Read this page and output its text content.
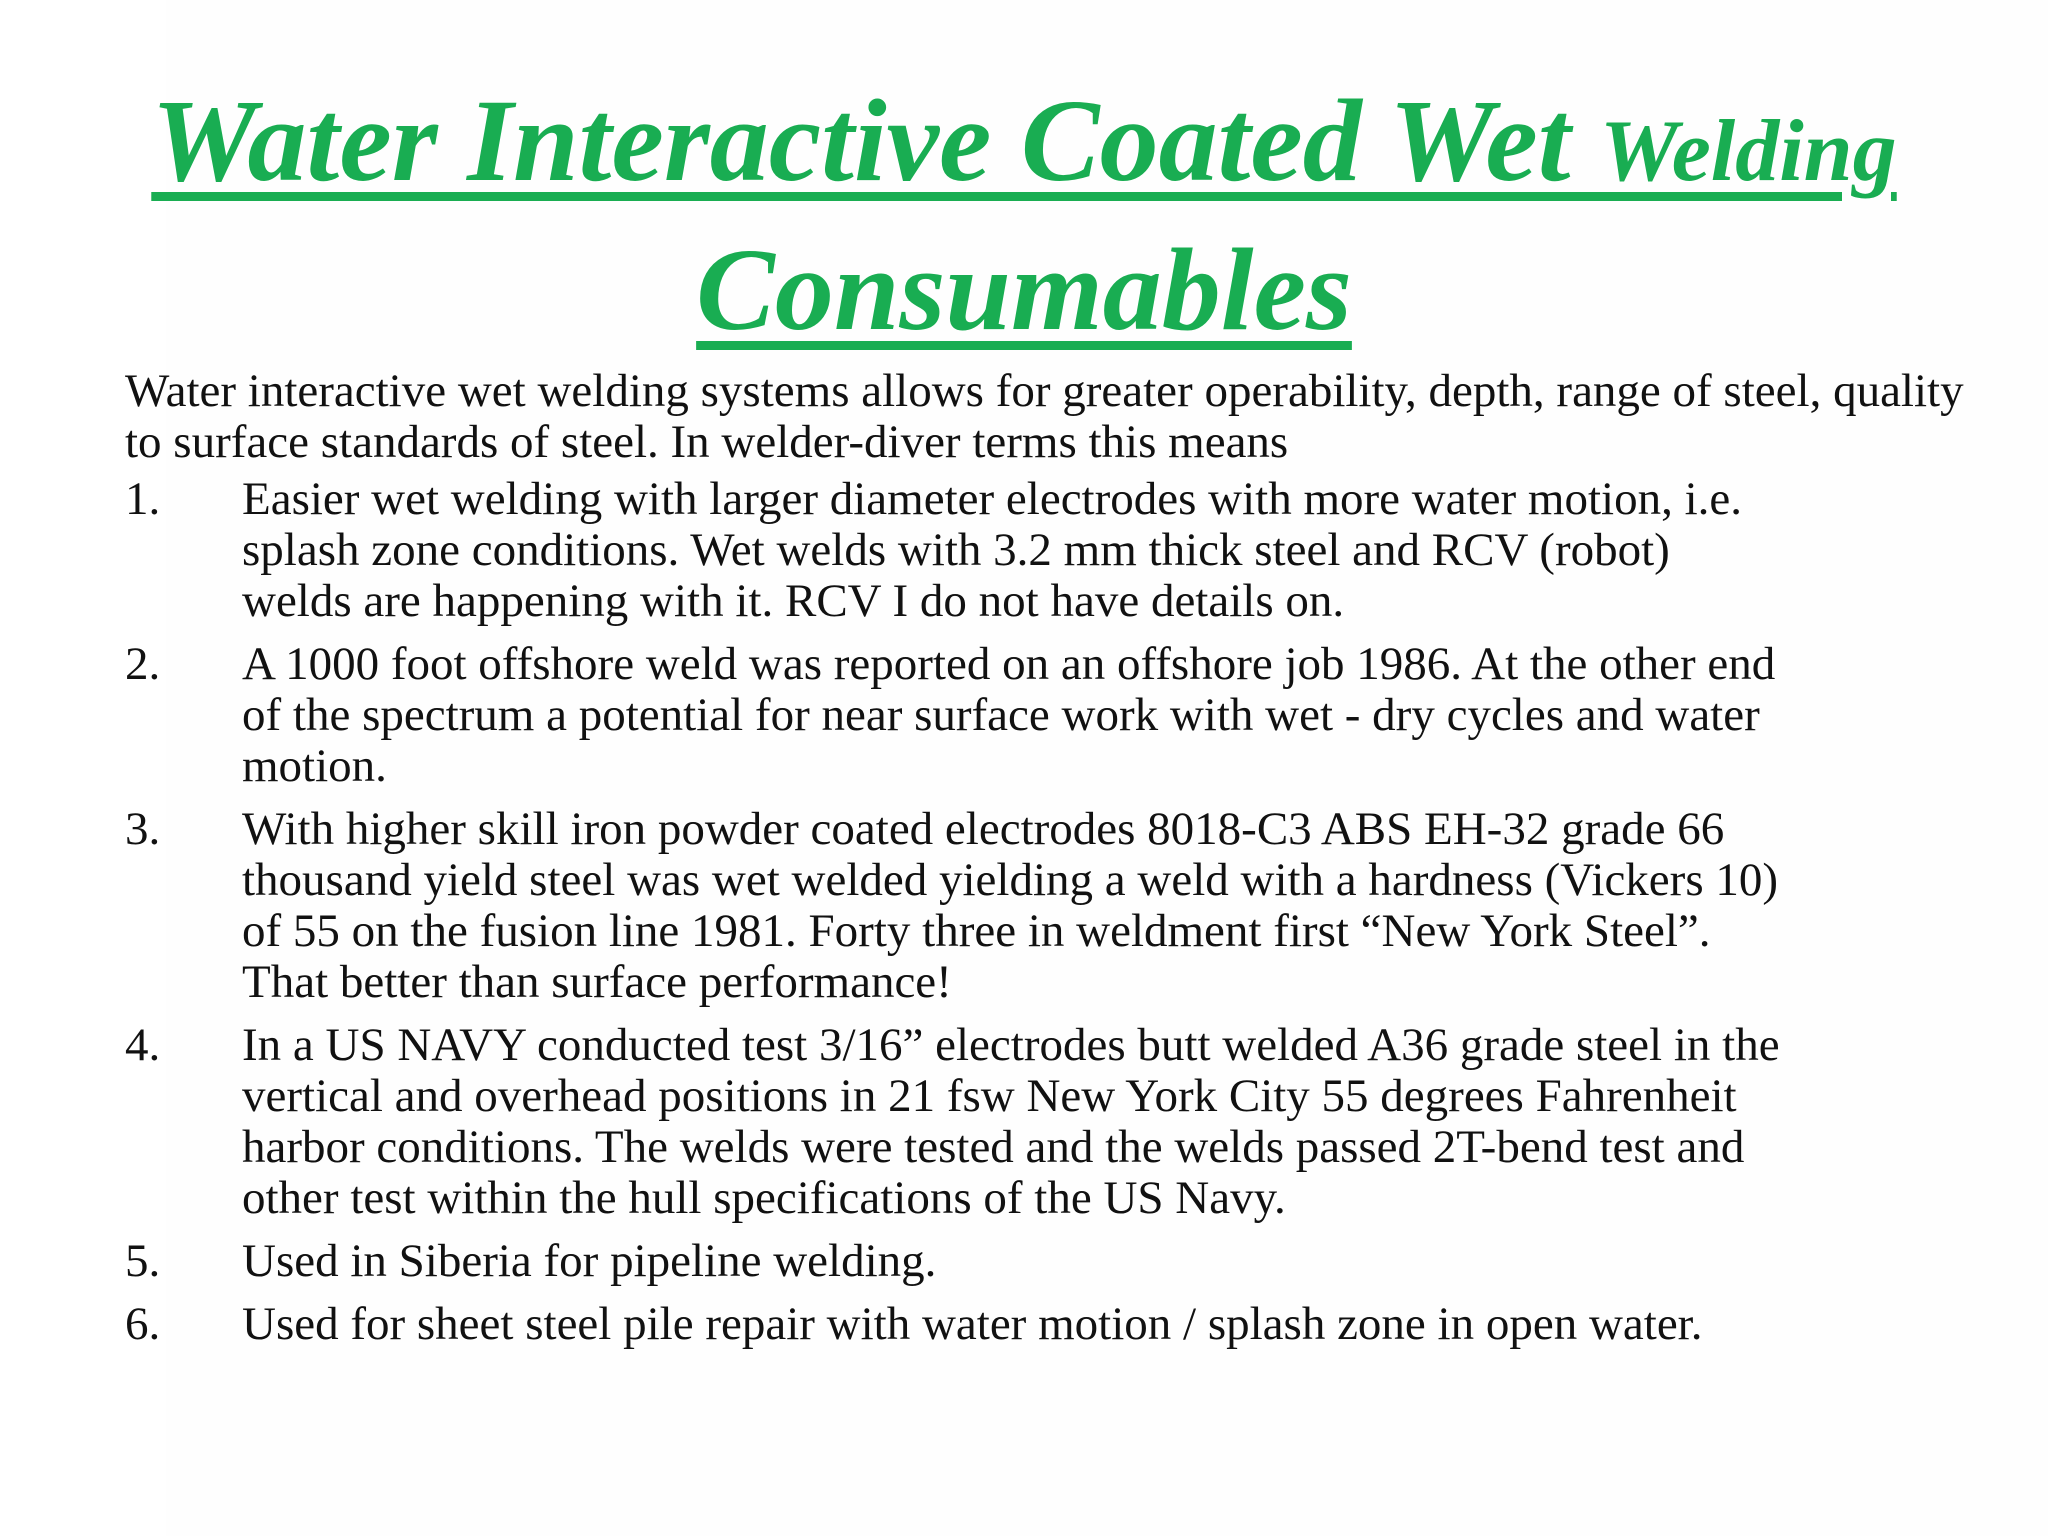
Water Interactive Coated Wet Welding
Consumables

Water interactive wet welding systems allows for greater operability, depth, range of steel, quality to surface standards of steel. In welder-diver terms this means

1.	Easier wet welding with larger diameter electrodes with more water motion, i.e.
splash zone conditions. Wet welds with 3.2 mm thick steel and RCV (robot)
welds are happening with it. RCV I do not have details on.
2.	A 1000 foot offshore weld was reported on an offshore job 1986. At the other end
of the spectrum a potential for near surface work with wet - dry cycles and water
motion.
3.	With higher skill iron powder coated electrodes 8018-C3 ABS EH-32 grade 66
thousand yield steel was wet welded yielding a weld with a hardness (Vickers 10)
of 55 on the fusion line 1981. Forty three in weldment first “New York Steel”.
That better than surface performance!
4.	In a US NAVY conducted test 3/16” electrodes butt welded A36 grade steel in the
vertical and overhead positions in 21 fsw New York City 55 degrees Fahrenheit
harbor conditions. The welds were tested and the welds passed 2T-bend test and
other test within the hull specifications of the US Navy.
5.	Used in Siberia for pipeline welding.
6.	Used for sheet steel pile repair with water motion / splash zone in open water.
